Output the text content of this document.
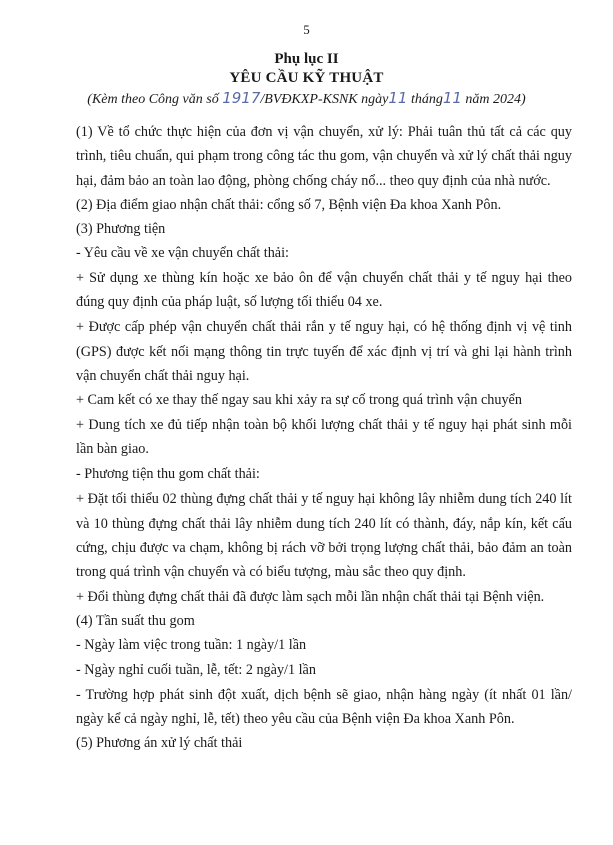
5
Phụ lục II
YÊU CẦU KỸ THUẬT
(Kèm theo Công văn số 1917/BVĐKXP-KSNK ngày11 tháng11 năm 2024)

(1) Về tổ chức thực hiện của đơn vị vận chuyển, xử lý: Phải tuân thủ tất cả các quy trình, tiêu chuẩn, qui phạm trong công tác thu gom, vận chuyển và xử lý chất thải nguy hại, đảm bảo an toàn lao động, phòng chống cháy nổ... theo quy định của nhà nước.

(2) Địa điểm giao nhận chất thải: cổng số 7, Bệnh viện Đa khoa Xanh Pôn.

(3) Phương tiện

- Yêu cầu về xe vận chuyển chất thải:

+ Sử dụng xe thùng kín hoặc xe bảo ôn để vận chuyển chất thải y tế nguy hại theo đúng quy định của pháp luật, số lượng tối thiểu 04 xe.

+ Được cấp phép vận chuyển chất thải rắn y tế nguy hại, có hệ thống định vị vệ tinh (GPS) được kết nối mạng thông tin trực tuyến để xác định vị trí và ghi lại hành trình vận chuyển chất thải nguy hại.

+ Cam kết có xe thay thế ngay sau khi xảy ra sự cố trong quá trình vận chuyển

+ Dung tích xe đủ tiếp nhận toàn bộ khối lượng chất thải y tế nguy hại phát sinh mỗi lần bàn giao.

- Phương tiện thu gom chất thải:

+ Đặt tối thiểu 02 thùng đựng chất thải y tế nguy hại không lây nhiễm dung tích 240 lít và 10 thùng đựng chất thải lây nhiễm dung tích 240 lít có thành, đáy, nắp kín, kết cấu cứng, chịu được va chạm, không bị rách vỡ bởi trọng lượng chất thải, bảo đảm an toàn trong quá trình vận chuyển và có biểu tượng, màu sắc theo quy định.

+ Đổi thùng đựng chất thải đã được làm sạch mỗi lần nhận chất thải tại Bệnh viện.

(4) Tần suất thu gom

- Ngày làm việc trong tuần: 1 ngày/1 lần

- Ngày nghỉ cuối tuần, lễ, tết: 2 ngày/1 lần

- Trường hợp phát sinh đột xuất, dịch bệnh sẽ giao, nhận hàng ngày (ít nhất 01 lần/ ngày kể cả ngày nghỉ, lễ, tết) theo yêu cầu của Bệnh viện Đa khoa Xanh Pôn.

(5) Phương án xử lý chất thải
